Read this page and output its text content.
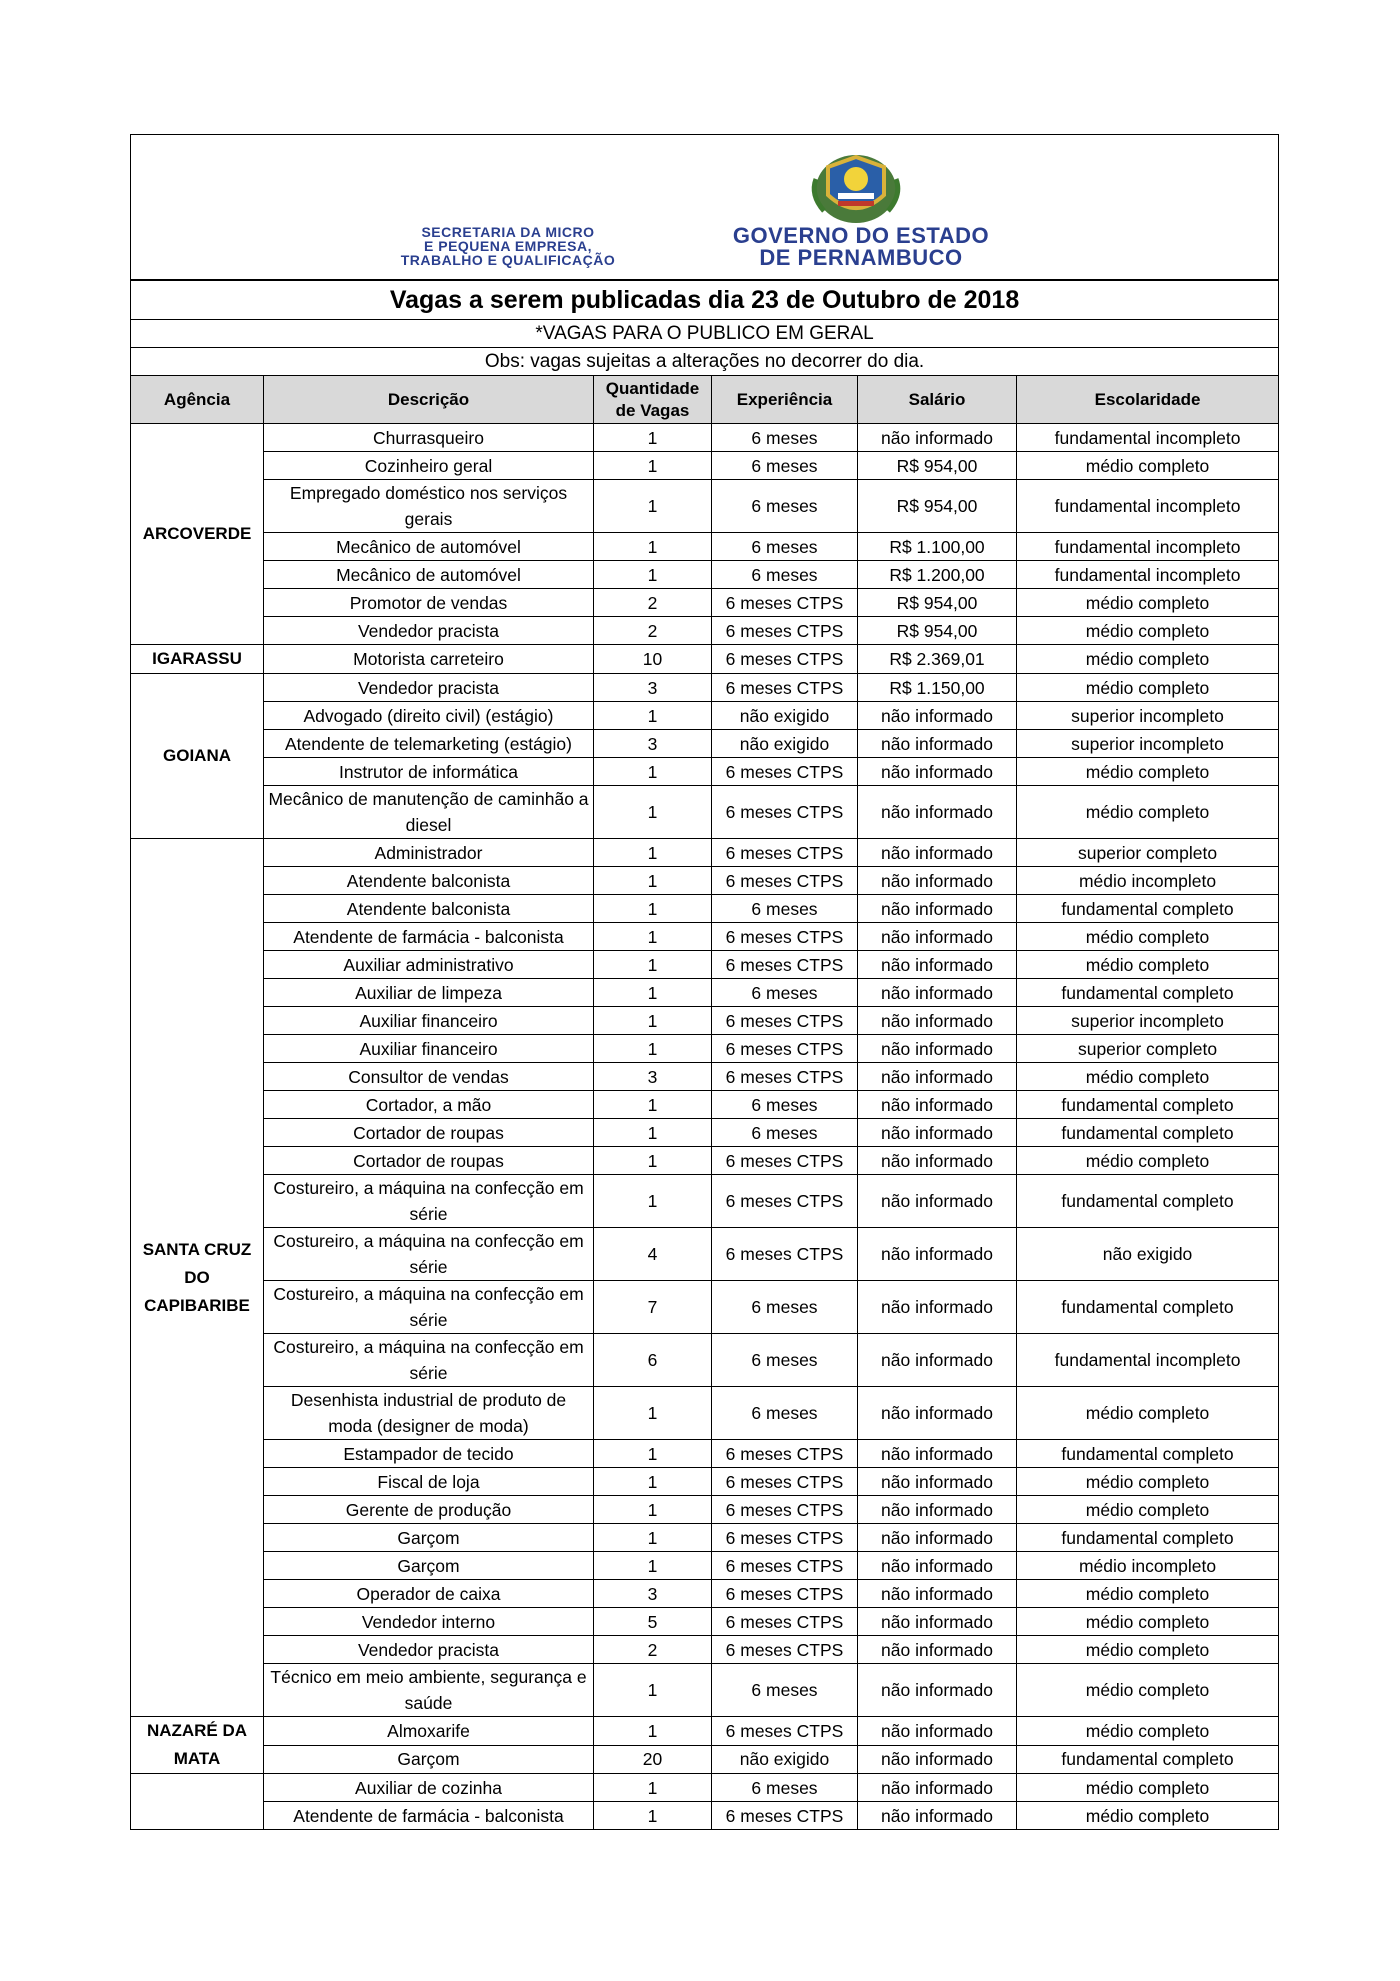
SECRETARIA DA MICRO
E PEQUENA EMPRESA,
TRABALHO E QUALIFICAÇÃO
GOVERNO DO ESTADO
DE PERNAMBUCO					

Vagas a serem publicadas dia 23 de Outubro de 2018					
*VAGAS PARA O PUBLICO EM GERAL					
Obs: vagas sujeitas a alterações no decorrer do dia.					
Agência	Descrição	Quantidade de Vagas	Experiência	Salário	Escolaridade
ARCOVERDE	Churrasqueiro	1	6 meses	não informado	fundamental incompleto
	Cozinheiro geral	1	6 meses	R$ 954,00	médio completo
	Empregado doméstico nos serviços gerais	1	6 meses	R$ 954,00	fundamental incompleto
	Mecânico de automóvel	1	6 meses	R$ 1.100,00	fundamental incompleto
	Mecânico de automóvel	1	6 meses	R$ 1.200,00	fundamental incompleto
	Promotor de vendas	2	6 meses CTPS	R$ 954,00	médio completo
	Vendedor pracista	2	6 meses CTPS	R$ 954,00	médio completo
IGARASSU	Motorista carreteiro	10	6 meses CTPS	R$ 2.369,01	médio completo
GOIANA	Vendedor pracista	3	6 meses CTPS	R$ 1.150,00	médio completo
	Advogado (direito civil) (estágio)	1	não exigido	não informado	superior incompleto
	Atendente de telemarketing (estágio)	3	não exigido	não informado	superior incompleto
	Instrutor de informática	1	6 meses CTPS	não informado	médio completo
	Mecânico de manutenção de caminhão a diesel	1	6 meses CTPS	não informado	médio completo
SANTA CRUZ DO CAPIBARIBE	Administrador	1	6 meses CTPS	não informado	superior completo
	Atendente balconista	1	6 meses CTPS	não informado	médio incompleto
	Atendente balconista	1	6 meses	não informado	fundamental completo
	Atendente de farmácia - balconista	1	6 meses CTPS	não informado	médio completo
	Auxiliar administrativo	1	6 meses CTPS	não informado	médio completo
	Auxiliar de limpeza	1	6 meses	não informado	fundamental completo
	Auxiliar financeiro	1	6 meses CTPS	não informado	superior incompleto
	Auxiliar financeiro	1	6 meses CTPS	não informado	superior completo
	Consultor de vendas	3	6 meses CTPS	não informado	médio completo
	Cortador, a mão	1	6 meses	não informado	fundamental completo
	Cortador de roupas	1	6 meses	não informado	fundamental completo
	Cortador de roupas	1	6 meses CTPS	não informado	médio completo
	Costureiro, a máquina na confecção em série	1	6 meses CTPS	não informado	fundamental completo
	Costureiro, a máquina na confecção em série	4	6 meses CTPS	não informado	não exigido
	Costureiro, a máquina na confecção em série	7	6 meses	não informado	fundamental completo
	Costureiro, a máquina na confecção em série	6	6 meses	não informado	fundamental incompleto
	Desenhista industrial de produto de moda (designer de moda)	1	6 meses	não informado	médio completo
	Estampador de tecido	1	6 meses CTPS	não informado	fundamental completo
	Fiscal de loja	1	6 meses CTPS	não informado	médio completo
	Gerente de produção	1	6 meses CTPS	não informado	médio completo
	Garçom	1	6 meses CTPS	não informado	fundamental completo
	Garçom	1	6 meses CTPS	não informado	médio incompleto
	Operador de caixa	3	6 meses CTPS	não informado	médio completo
	Vendedor interno	5	6 meses CTPS	não informado	médio completo
	Vendedor pracista	2	6 meses CTPS	não informado	médio completo
	Técnico em meio ambiente, segurança e saúde	1	6 meses	não informado	médio completo
NAZARÉ DA MATA	Almoxarife	1	6 meses CTPS	não informado	médio completo
	Garçom	20	não exigido	não informado	fundamental completo
	Auxiliar de cozinha	1	6 meses	não informado	médio completo
	Atendente de farmácia - balconista	1	6 meses CTPS	não informado	médio completo
